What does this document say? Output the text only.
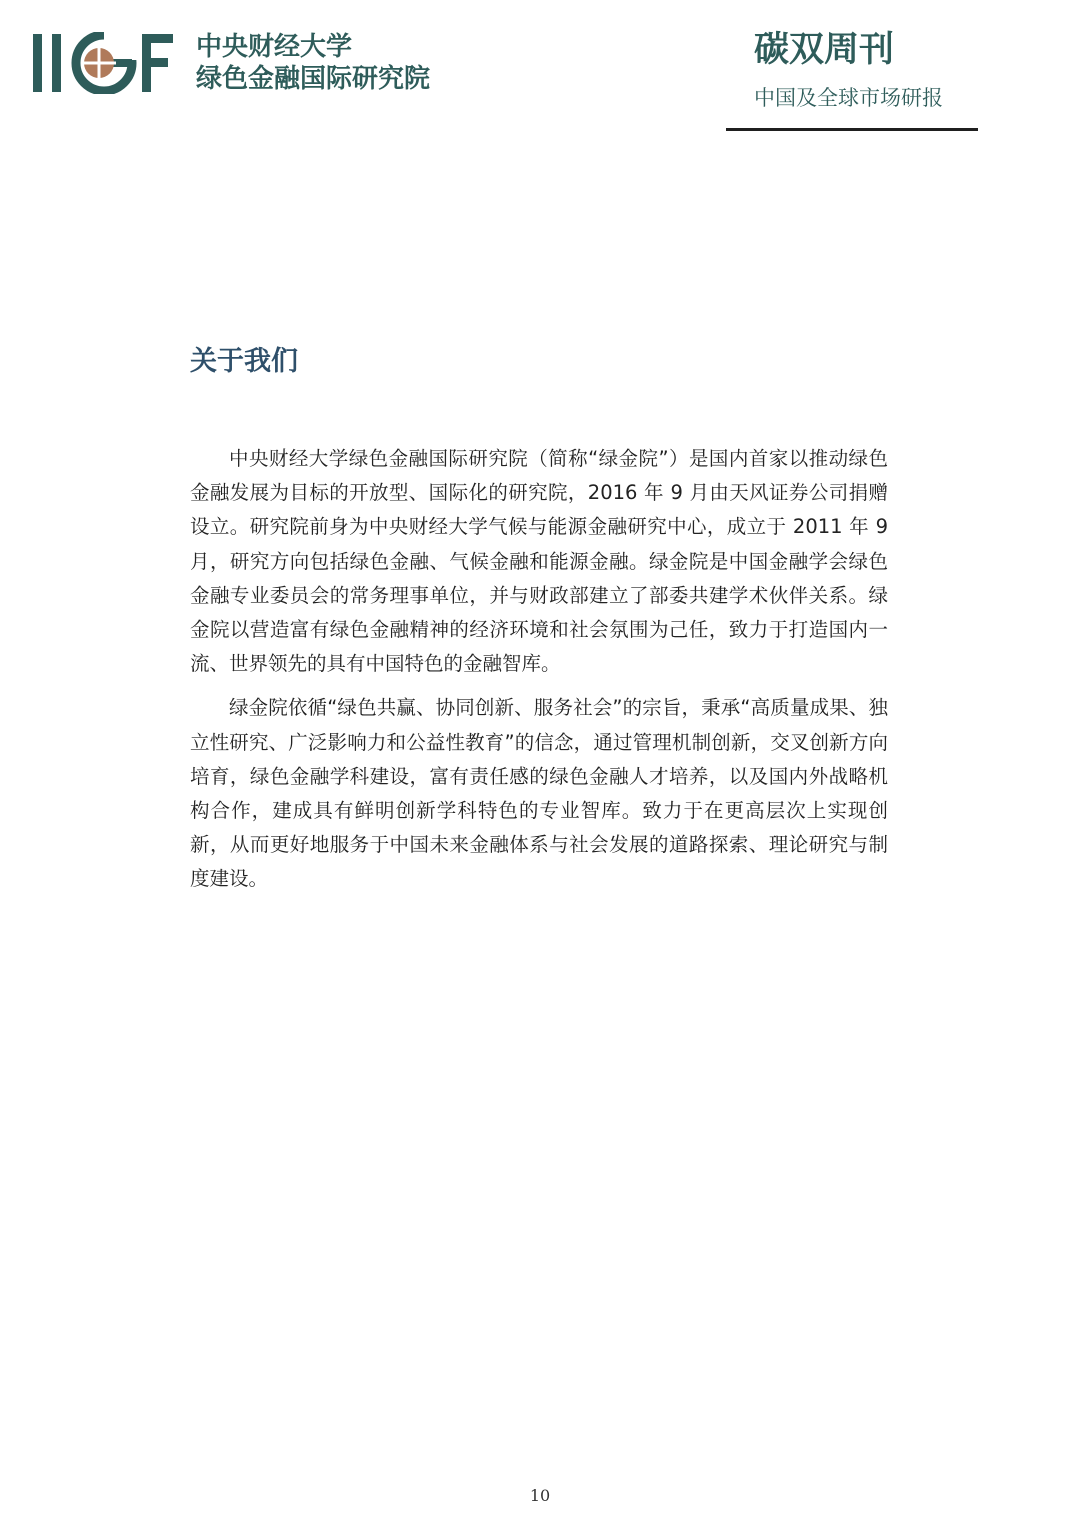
中央财经大学
绿色金融国际研究院
碳双周刊
中国及全球市场研报
关于我们

中央财经大学绿色金融国际研究院（简称“绿金院”）是国内首家以推动绿色金融发展为目标的开放型、国际化的研究院，2016 年 9 月由天风证券公司捐赠设立。研究院前身为中央财经大学气候与能源金融研究中心，成立于 2011 年 9 月，研究方向包括绿色金融、气候金融和能源金融。绿金院是中国金融学会绿色金融专业委员会的常务理事单位，并与财政部建立了部委共建学术伙伴关系。绿金院以营造富有绿色金融精神的经济环境和社会氛围为己任，致力于打造国内一流、世界领先的具有中国特色的金融智库。

绿金院依循“绿色共赢、协同创新、服务社会”的宗旨，秉承“高质量成果、独立性研究、广泛影响力和公益性教育”的信念，通过管理机制创新，交叉创新方向培育，绿色金融学科建设，富有责任感的绿色金融人才培养，以及国内外战略机构合作，建成具有鲜明创新学科特色的专业智库。致力于在更高层次上实现创新，从而更好地服务于中国未来金融体系与社会发展的道路探索、理论研究与制度建设。

10
